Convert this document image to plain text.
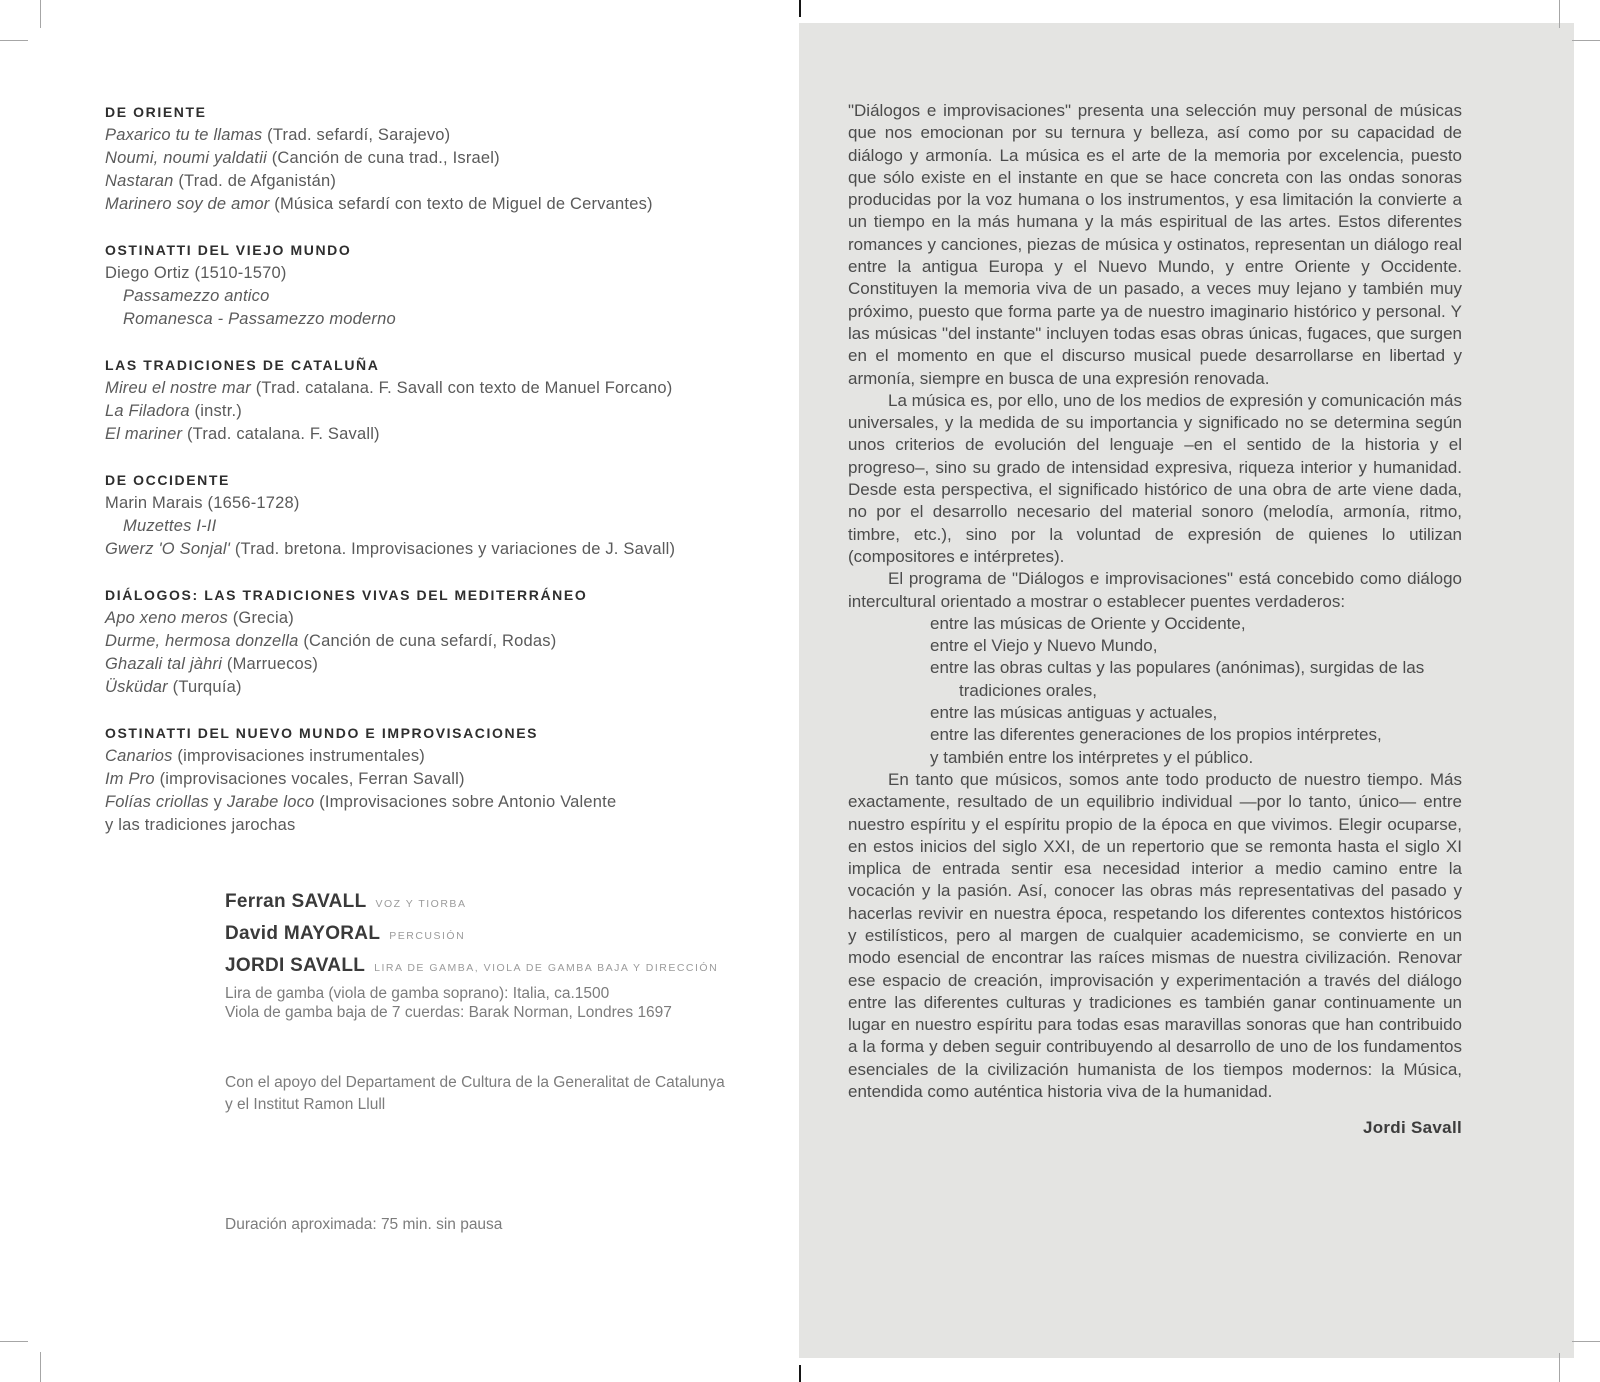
DE ORIENTE
Paxarico tu te llamas (Trad. sefardí, Sarajevo)
Noumi, noumi yaldatii (Canción de cuna trad., Israel)
Nastaran (Trad. de Afganistán)
Marinero soy de amor (Música sefardí con texto de Miguel de Cervantes)
OSTINATTI DEL VIEJO MUNDO
Diego Ortiz (1510-1570)
Passamezzo antico
Romanesca - Passamezzo moderno
LAS TRADICIONES DE CATALUÑA
Mireu el nostre mar (Trad. catalana. F. Savall con texto de Manuel Forcano)
La Filadora (instr.)
El mariner (Trad. catalana. F. Savall)
DE OCCIDENTE
Marin Marais (1656-1728)
Muzettes I-II
Gwerz 'O Sonjal' (Trad. bretona. Improvisaciones y variaciones de J. Savall)
DIÁLOGOS: LAS TRADICIONES VIVAS DEL MEDITERRÁNEO
Apo xeno meros (Grecia)
Durme, hermosa donzella (Canción de cuna sefardí, Rodas)
Ghazali tal jàhri (Marruecos)
Üsküdar (Turquía)
OSTINATTI DEL NUEVO MUNDO E IMPROVISACIONES
Canarios (improvisaciones instrumentales)
Im Pro (improvisaciones vocales, Ferran Savall)
Folías criollas y Jarabe loco (Improvisaciones sobre Antonio Valente
y las tradiciones jarochas
Ferran SAVALL VOZ Y TIORBA
David MAYORAL PERCUSIÓN
JORDI SAVALL LIRA DE GAMBA, VIOLA DE GAMBA BAJA Y DIRECCIÓN
Lira de gamba (viola de gamba soprano): Italia, ca.1500
Viola de gamba baja de 7 cuerdas: Barak Norman, Londres 1697
Con el apoyo del Departament de Cultura de la Generalitat de Catalunya
y el Institut Ramon Llull
Duración aproximada: 75 min. sin pausa

"Diálogos e improvisaciones" presenta una selección muy personal de músicas que nos emocionan por su ternura y belleza, así como por su capacidad de diálogo y armonía. La música es el arte de la memoria por excelencia, puesto que sólo existe en el instante en que se hace concreta con las ondas sonoras producidas por la voz humana o los instrumentos, y esa limitación la convierte a un tiempo en la más humana y la más espiritual de las artes. Estos diferentes romances y canciones, piezas de música y ostinatos, representan un diálogo real entre la antigua Europa y el Nuevo Mundo, y entre Oriente y Occidente. Constituyen la memoria viva de un pasado, a veces muy lejano y también muy próximo, puesto que forma parte ya de nuestro imaginario histórico y personal. Y las músicas "del instante" incluyen todas esas obras únicas, fugaces, que surgen en el momento en que el discurso musical puede desarrollarse en libertad y armonía, siempre en busca de una expresión renovada.

La música es, por ello, uno de los medios de expresión y comunicación más universales, y la medida de su importancia y significado no se determina según unos criterios de evolución del lenguaje –en el sentido de la historia y el progreso–, sino su grado de intensidad expresiva, riqueza interior y humanidad. Desde esta perspectiva, el significado histórico de una obra de arte viene dada, no por el desarrollo necesario del material sonoro (melodía, armonía, ritmo, timbre, etc.), sino por la voluntad de expresión de quienes lo utilizan (compositores e intérpretes).

El programa de "Diálogos e improvisaciones" está concebido como diálogo intercultural orientado a mostrar o establecer puentes verdaderos:

entre las músicas de Oriente y Occidente,
entre el Viejo y Nuevo Mundo,
entre las obras cultas y las populares (anónimas), surgidas de las tradiciones orales,
entre las músicas antiguas y actuales,
entre las diferentes generaciones de los propios intérpretes,
y también entre los intérpretes y el público.

En tanto que músicos, somos ante todo producto de nuestro tiempo. Más exactamente, resultado de un equilibrio individual —por lo tanto, único— entre nuestro espíritu y el espíritu propio de la época en que vivimos. Elegir ocuparse, en estos inicios del siglo XXI, de un repertorio que se remonta hasta el siglo XI implica de entrada sentir esa necesidad interior a medio camino entre la vocación y la pasión. Así, conocer las obras más representativas del pasado y hacerlas revivir en nuestra época, respetando los diferentes contextos históricos y estilísticos, pero al margen de cualquier academicismo, se convierte en un modo esencial de encontrar las raíces mismas de nuestra civilización. Renovar ese espacio de creación, improvisación y experimentación a través del diálogo entre las diferentes culturas y tradiciones es también ganar continuamente un lugar en nuestro espíritu para todas esas maravillas sonoras que han contribuido a la forma y deben seguir contribuyendo al desarrollo de uno de los fundamentos esenciales de la civilización humanista de los tiempos modernos: la Música, entendida como auténtica historia viva de la humanidad.

Jordi Savall
